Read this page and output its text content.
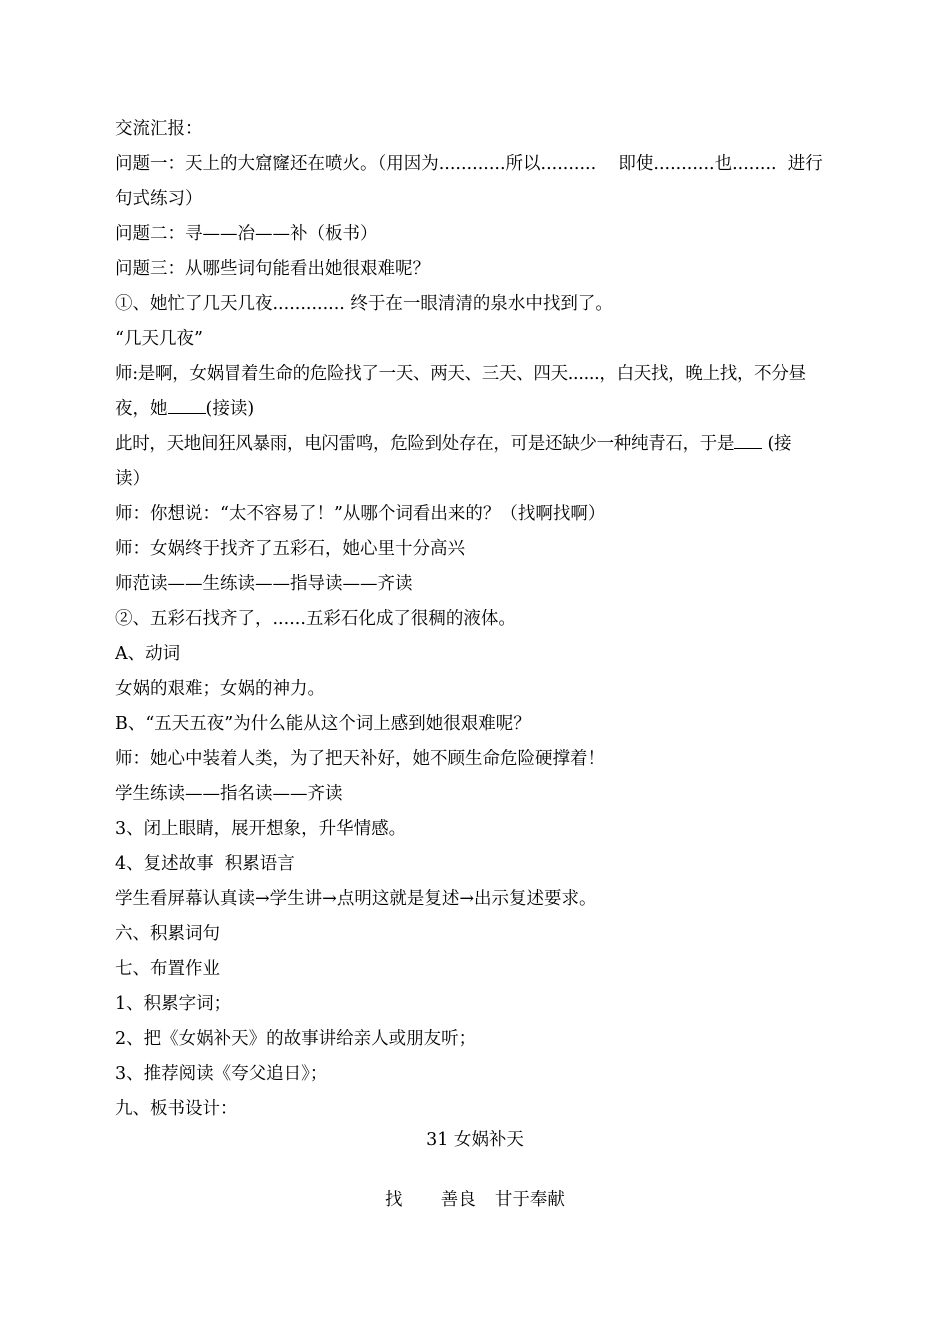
交流汇报：
问题一：天上的大窟窿还在喷火。（用因为............所以..........    即使...........也........  进行
句式练习）
问题二：寻——冶——补（板书）
问题三：从哪些词句能看出她很艰难呢？
①、她忙了几天几夜............. 终于在一眼清清的泉水中找到了。
“几天几夜”
师:是啊，女娲冒着生命的危险找了一天、两天、三天、四天......，白天找，晚上找，不分昼
夜，她 (接读)
此时，天地间狂风暴雨，电闪雷鸣，危险到处存在，可是还缺少一种纯青石，于是 (接
读）
师：你想说：“太不容易了！”从哪个词看出来的？（找啊找啊）
师：女娲终于找齐了五彩石，她心里十分高兴
师范读——生练读——指导读——齐读
②、五彩石找齐了，......五彩石化成了很稠的液体。
A、动词
女娲的艰难；女娲的神力。
B、“五天五夜”为什么能从这个词上感到她很艰难呢？
师：她心中装着人类，为了把天补好，她不顾生命危险硬撑着！
学生练读——指名读——齐读
3、闭上眼睛，展开想象，升华情感。
4、复述故事  积累语言
学生看屏幕认真读→学生讲→点明这就是复述→出示复述要求。
六、积累词句
七、布置作业
1、积累字词；
2、把《女娲补天》的故事讲给亲人或朋友听；
3、推荐阅读《夸父追日》；
九、板书设计：
31 女娲补天
找    善良  甘于奉献
